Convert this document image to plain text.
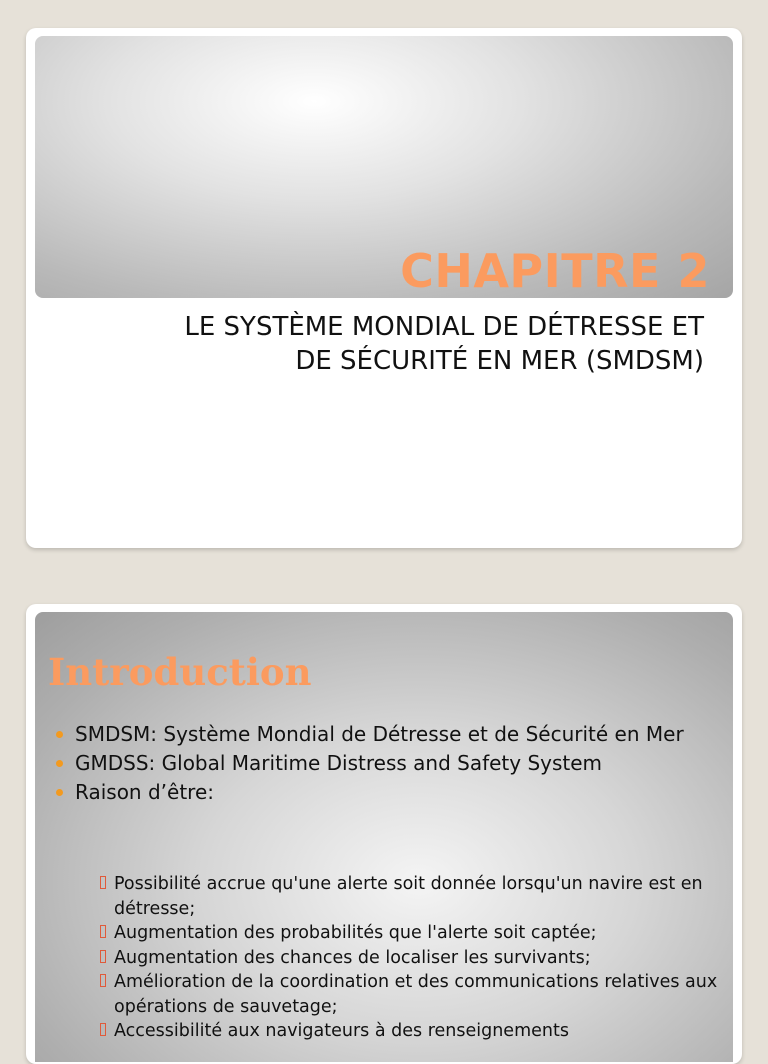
CHAPITRE 2

LE SYSTÈME MONDIAL DE DÉTRESSE ET
DE SÉCURITÉ EN MER (SMDSM)

Introduction
SMDSM: Système Mondial de Détresse et de Sécurité en Mer
GMDSS: Global Maritime Distress and Safety System
Raison d’être:
Possibilité accrue qu'une alerte soit donnée lorsqu'un navire est en détresse;
Augmentation des probabilités que l'alerte soit captée;
Augmentation des chances de localiser les survivants;
Amélioration de la coordination et des communications relatives aux opérations de sauvetage;
Accessibilité aux navigateurs à des renseignements
